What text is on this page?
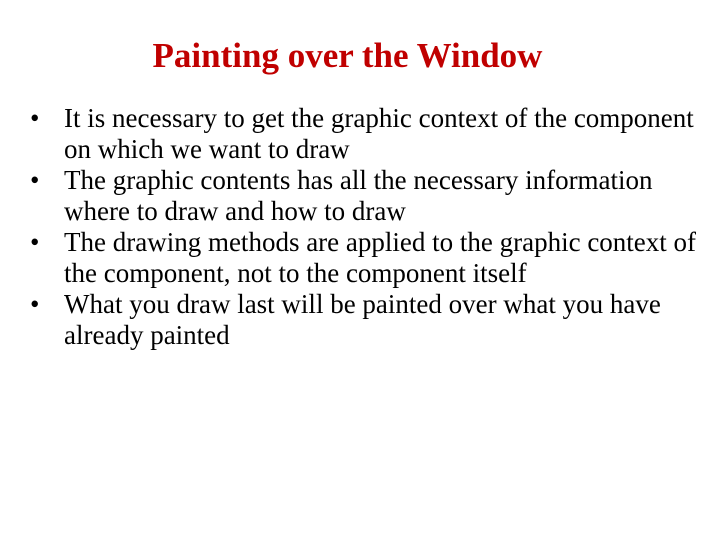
Painting over the Window
• It is necessary to get the graphic context of the component on which we want to draw
• The graphic contents has all the necessary information where to draw and how to draw
• The drawing methods are applied to the graphic context of the component, not to the component itself
• What you draw last will be painted over what you have already painted
